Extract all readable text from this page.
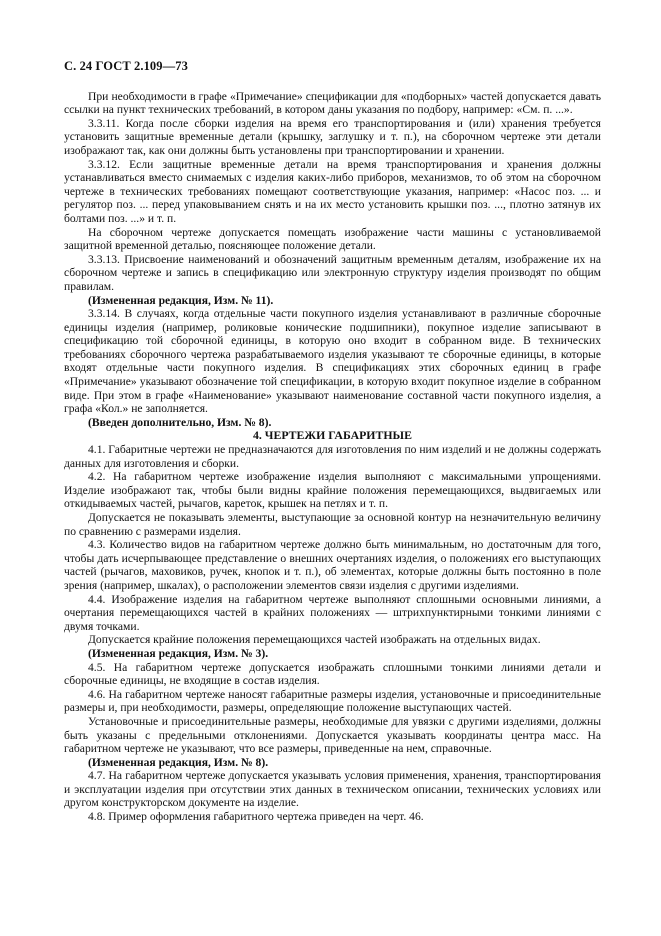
С. 24 ГОСТ 2.109—73

При необходимости в графе «Примечание» спецификации для «подборных» частей допускается давать ссылки на пункт технических требований, в котором даны указания по подбору, например: «См. п. ...».

3.3.11. Когда после сборки изделия на время его транспортирования и (или) хранения требуется установить защитные временные детали (крышку, заглушку и т. п.), на сборочном чертеже эти детали изображают так, как они должны быть установлены при транспортировании и хранении.

3.3.12. Если защитные временные детали на время транспортирования и хранения должны устанавливаться вместо снимаемых с изделия каких-либо приборов, механизмов, то об этом на сборочном чертеже в технических требованиях помещают соответствующие указания, например: «Насос поз. ... и регулятор поз. ... перед упаковыванием снять и на их место установить крышки поз. ..., плотно затянув их болтами поз. ...» и т. п.

На сборочном чертеже допускается помещать изображение части машины с установливаемой защитной временной деталью, поясняющее положение детали.

3.3.13. Присвоение наименований и обозначений защитным временным деталям, изображение их на сборочном чертеже и запись в спецификацию или электронную структуру изделия производят по общим правилам.

(Измененная редакция, Изм. № 11).

3.3.14. В случаях, когда отдельные части покупного изделия устанавливают в различные сборочные единицы изделия (например, роликовые конические подшипники), покупное изделие записывают в спецификацию той сборочной единицы, в которую оно входит в собранном виде. В технических требованиях сборочного чертежа разрабатываемого изделия указывают те сборочные единицы, в которые входят отдельные части покупного изделия. В спецификациях этих сборочных единиц в графе «Примечание» указывают обозначение той спецификации, в которую входит покупное изделие в собранном виде. При этом в графе «Наименование» указывают наименование составной части покупного изделия, а графа «Кол.» не заполняется.

(Введен дополнительно, Изм. № 8).

4. ЧЕРТЕЖИ ГАБАРИТНЫЕ

4.1. Габаритные чертежи не предназначаются для изготовления по ним изделий и не должны содержать данных для изготовления и сборки.

4.2. На габаритном чертеже изображение изделия выполняют с максимальными упрощениями. Изделие изображают так, чтобы были видны крайние положения перемещающихся, выдвигаемых или откидываемых частей, рычагов, кареток, крышек на петлях и т. п.

Допускается не показывать элементы, выступающие за основной контур на незначительную величину по сравнению с размерами изделия.

4.3. Количество видов на габаритном чертеже должно быть минимальным, но достаточным для того, чтобы дать исчерпывающее представление о внешних очертаниях изделия, о положениях его выступающих частей (рычагов, маховиков, ручек, кнопок и т. п.), об элементах, которые должны быть постоянно в поле зрения (например, шкалах), о расположении элементов связи изделия с другими изделиями.

4.4. Изображение изделия на габаритном чертеже выполняют сплошными основными линиями, а очертания перемещающихся частей в крайних положениях — штрихпунктирными тонкими линиями с двумя точками.

Допускается крайние положения перемещающихся частей изображать на отдельных видах.

(Измененная редакция, Изм. № 3).

4.5. На габаритном чертеже допускается изображать сплошными тонкими линиями детали и сборочные единицы, не входящие в состав изделия.

4.6. На габаритном чертеже наносят габаритные размеры изделия, установочные и присоединительные размеры и, при необходимости, размеры, определяющие положение выступающих частей.

Установочные и присоединительные размеры, необходимые для увязки с другими изделиями, должны быть указаны с предельными отклонениями. Допускается указывать координаты центра масс. На габаритном чертеже не указывают, что все размеры, приведенные на нем, справочные.

(Измененная редакция, Изм. № 8).

4.7. На габаритном чертеже допускается указывать условия применения, хранения, транспортирования и эксплуатации изделия при отсутствии этих данных в техническом описании, технических условиях или другом конструкторском документе на изделие.

4.8. Пример оформления габаритного чертежа приведен на черт. 46.
